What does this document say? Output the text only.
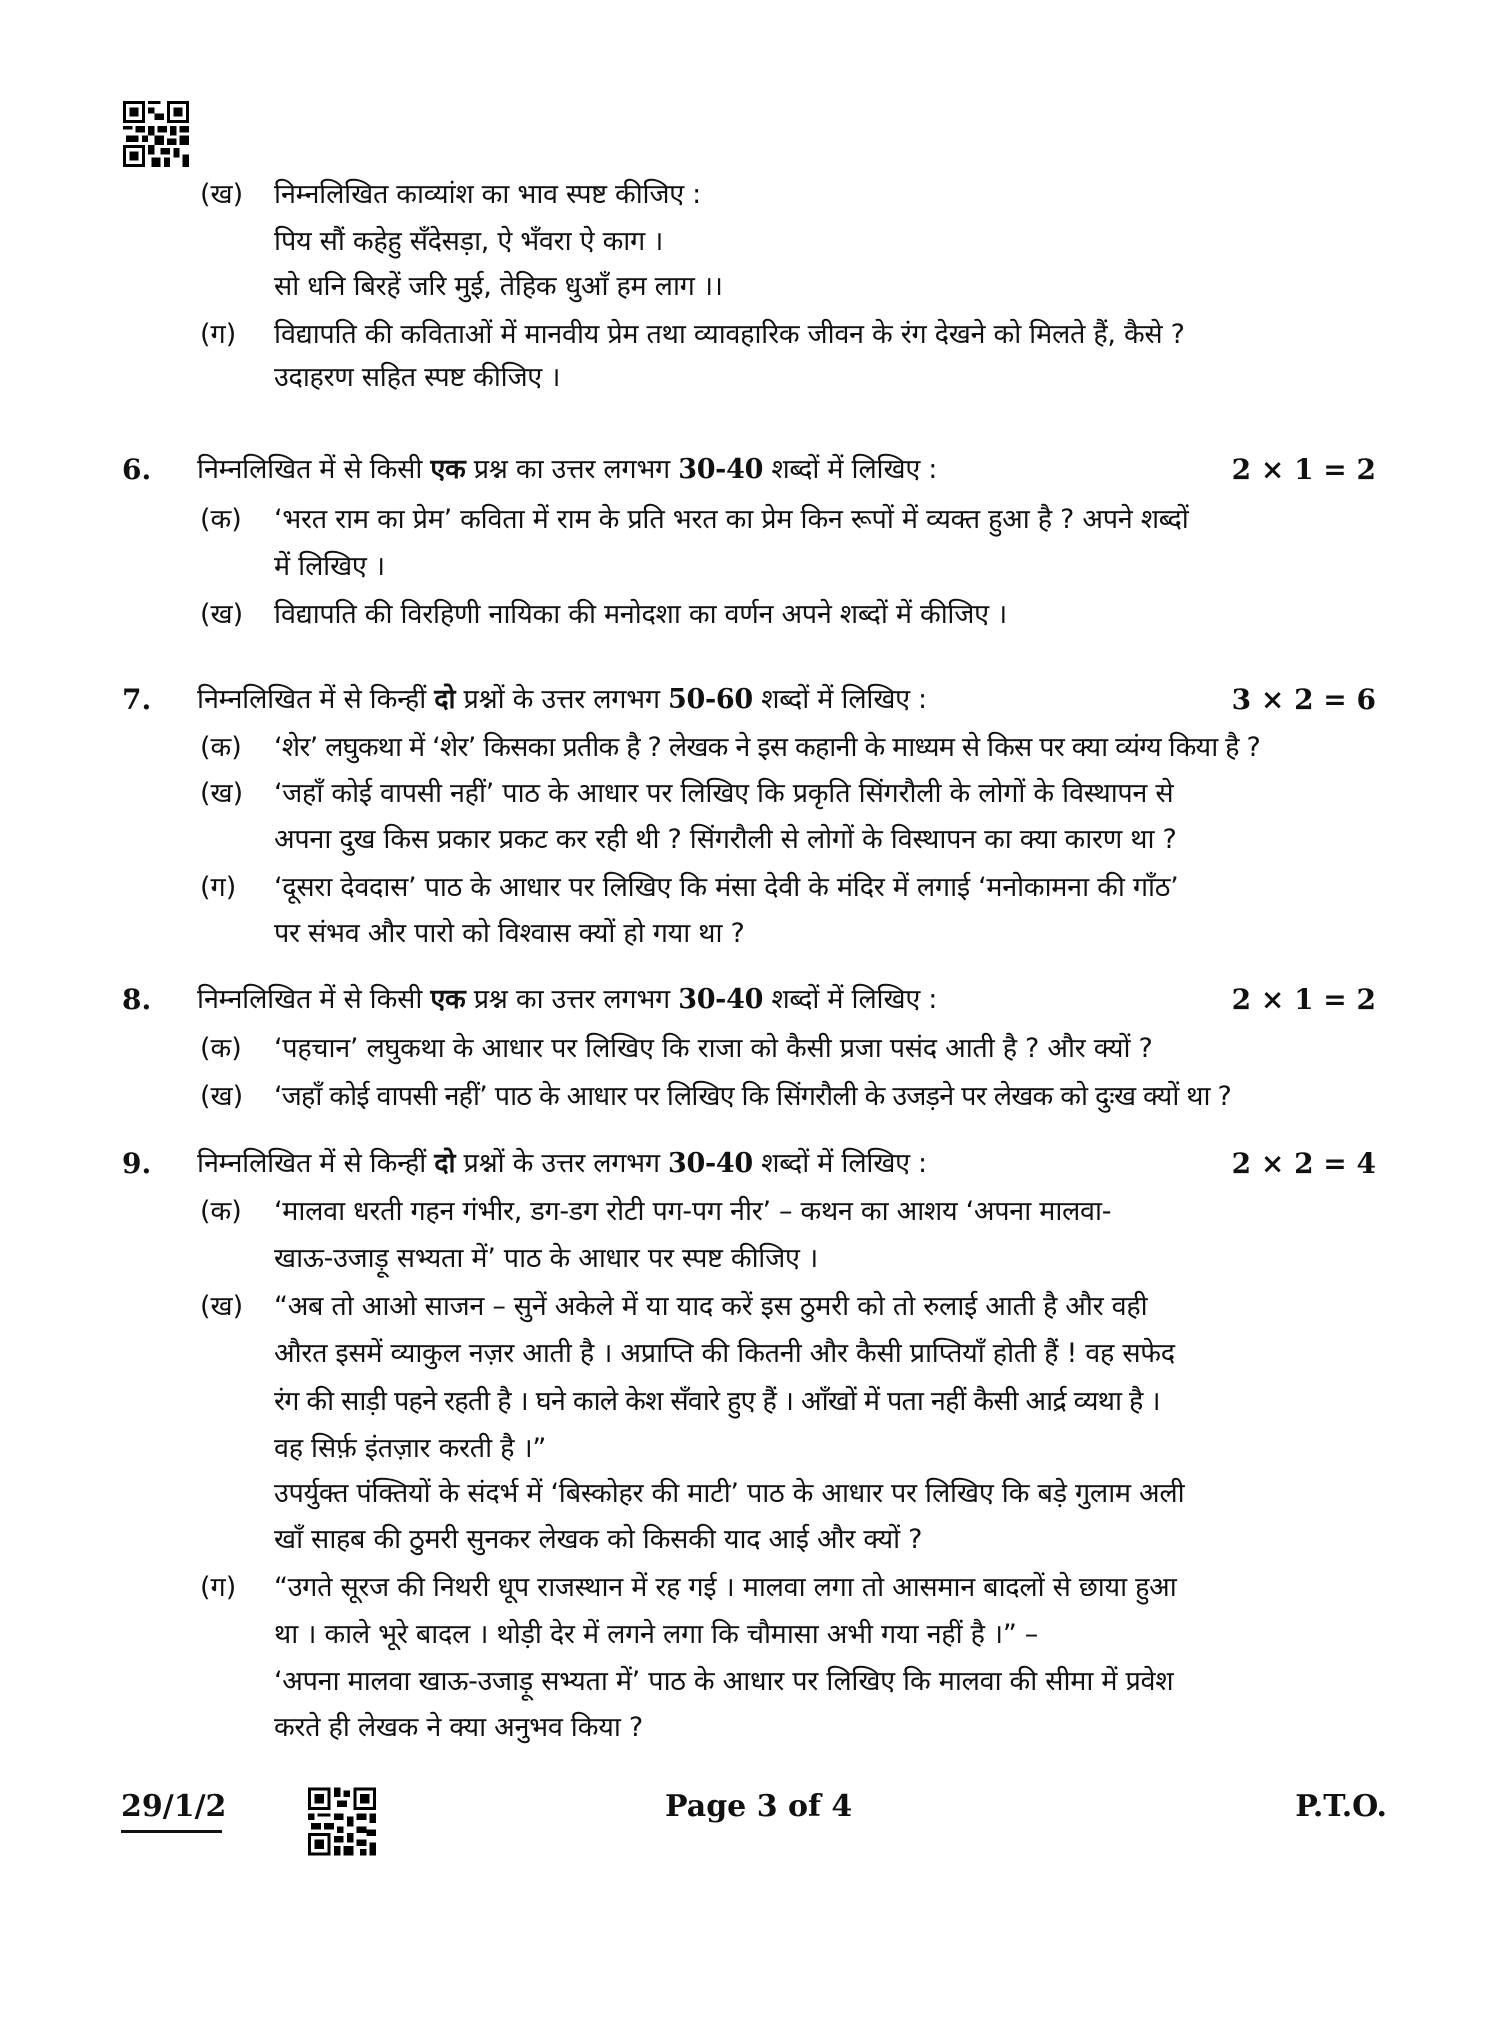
(ख) निम्नलिखित काव्यांश का भाव स्पष्ट कीजिए :
पिय सौं कहेहु सँदेसड़ा, ऐ भँवरा ऐ काग ।
सो धनि बिरहें जरि मुई, तेहिक धुआँ हम लाग ।।
(ग) विद्यापति की कविताओं में मानवीय प्रेम तथा व्यावहारिक जीवन के रंग देखने को मिलते हैं, कैसे ?
उदाहरण सहित स्पष्ट कीजिए ।
6. निम्नलिखित में से किसी एक प्रश्न का उत्तर लगभग 30-40 शब्दों में लिखिए :	2 × 1 = 2
(क) ‘भरत राम का प्रेम’ कविता में राम के प्रति भरत का प्रेम किन रूपों में व्यक्त हुआ है ? अपने शब्दों
में लिखिए ।
(ख) विद्यापति की विरहिणी नायिका की मनोदशा का वर्णन अपने शब्दों में कीजिए ।
7. निम्नलिखित में से किन्हीं दो प्रश्नों के उत्तर लगभग 50-60 शब्दों में लिखिए :	3 × 2 = 6
(क) ‘शेर’ लघुकथा में ‘शेर’ किसका प्रतीक है ? लेखक ने इस कहानी के माध्यम से किस पर क्या व्यंग्य किया है ?
(ख) ‘जहाँ कोई वापसी नहीं’ पाठ के आधार पर लिखिए कि प्रकृति सिंगरौली के लोगों के विस्थापन से
अपना दुख किस प्रकार प्रकट कर रही थी ? सिंगरौली से लोगों के विस्थापन का क्या कारण था ?
(ग) ‘दूसरा देवदास’ पाठ के आधार पर लिखिए कि मंसा देवी के मंदिर में लगाई ‘मनोकामना की गाँठ’
पर संभव और पारो को विश्वास क्यों हो गया था ?
8. निम्नलिखित में से किसी एक प्रश्न का उत्तर लगभग 30-40 शब्दों में लिखिए :	2 × 1 = 2
(क) ‘पहचान’ लघुकथा के आधार पर लिखिए कि राजा को कैसी प्रजा पसंद आती है ? और क्यों ?
(ख) ‘जहाँ कोई वापसी नहीं’ पाठ के आधार पर लिखिए कि सिंगरौली के उजड़ने पर लेखक को दुःख क्यों था ?
9. निम्नलिखित में से किन्हीं दो प्रश्नों के उत्तर लगभग 30-40 शब्दों में लिखिए :	2 × 2 = 4
(क) ‘मालवा धरती गहन गंभीर, डग-डग रोटी पग-पग नीर’ – कथन का आशय ‘अपना मालवा-
खाऊ-उजाड़ू सभ्यता में’ पाठ के आधार पर स्पष्ट कीजिए ।
(ख) “अब तो आओ साजन – सुनें अकेले में या याद करें इस ठुमरी को तो रुलाई आती है और वही
औरत इसमें व्याकुल नज़र आती है । अप्राप्ति की कितनी और कैसी प्राप्तियाँ होती हैं ! वह सफेद
रंग की साड़ी पहने रहती है । घने काले केश सँवारे हुए हैं । आँखों में पता नहीं कैसी आर्द्र व्यथा है ।
वह सिर्फ़ इंतज़ार करती है ।”
उपर्युक्त पंक्तियों के संदर्भ में ‘बिस्कोहर की माटी’ पाठ के आधार पर लिखिए कि बड़े गुलाम अली
खाँ साहब की ठुमरी सुनकर लेखक को किसकी याद आई और क्यों ?
(ग) “उगते सूरज की निथरी धूप राजस्थान में रह गई । मालवा लगा तो आसमान बादलों से छाया हुआ
था । काले भूरे बादल । थोड़ी देर में लगने लगा कि चौमासा अभी गया नहीं है ।” –
‘अपना मालवा खाऊ-उजाड़ू सभ्यता में’ पाठ के आधार पर लिखिए कि मालवा की सीमा में प्रवेश
करते ही लेखक ने क्या अनुभव किया ?
29/1/2	Page 3 of 4	P.T.O.
